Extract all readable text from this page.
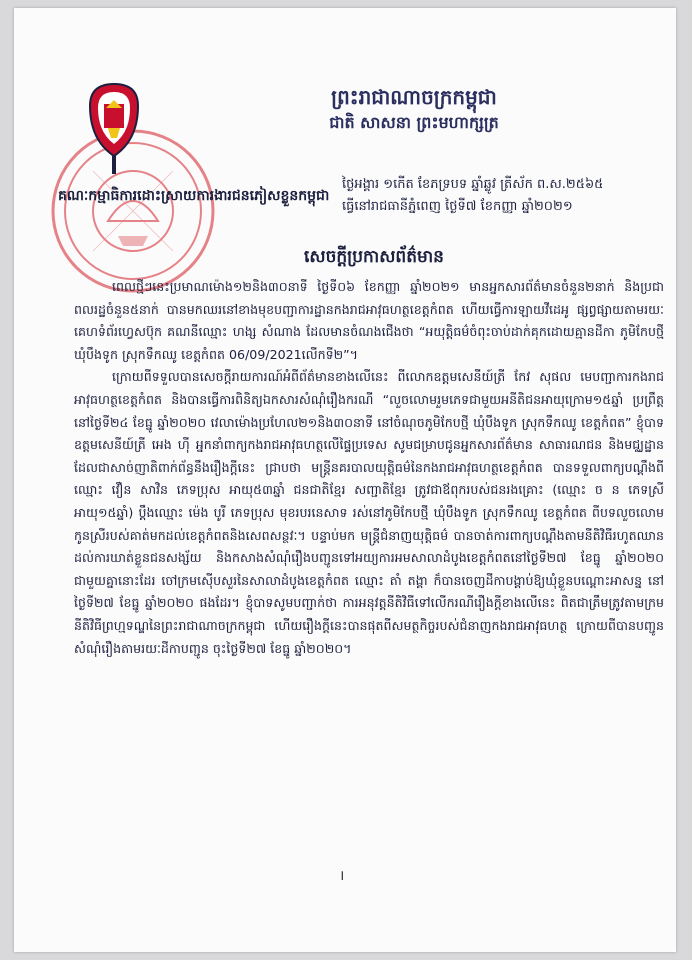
ព្រះរាជាណាចក្រកម្ពុជា
ជាតិ សាសនា ព្រះមហាក្សត្រ
គណៈកម្មាធិការដោះស្រាយការងារជនភៀសខ្លួនកម្ពុជា
ថ្ងៃអង្គារ ១កើត ខែភទ្របទ ឆ្នាំឆ្លូវ ត្រីស័ក ព.ស.២៥៦៥
ធ្វើនៅរាជធានីភ្នំពេញ ថ្ងៃទី៧ ខែកញ្ញា ឆ្នាំ២០២១
សេចក្ដីប្រកាសព័ត៌មាន

ពេលថ្មីៗនេះប្រមាណម៉ោង១២និង៣០នាទី ថ្ងៃទី០៦ ខែកញ្ញា ឆ្នាំ២០២១ មានអ្នកសារព័ត៌មានចំនួន២នាក់ និងប្រជាពលរដ្ឋចំនួន៥នាក់ បានមកឈរនៅខាងមុខបញ្ជាការដ្ឋានកងរាជអាវុធហត្ថខេត្តកំពត ហើយធ្វើការឡាយវីដេអូ ផ្សព្វផ្សាយតាមរយៈគេហទំព័រហ្វេសប៊ុក គណនីឈ្មោះ ហង្ស សំណាង ដែលមានចំណងជើងថា “អយុត្តិធម៌ចំពុះចាប់ដាក់គុកដោយគ្មានដីកា ភូមិកែបថ្មី ឃុំបឹងទូក ស្រុកទឹកឈូ ខេត្តកំពត 06/09/2021លើកទី២”។

ក្រោយពីទទួលបានសេចក្ដីរាយការណ៍អំពីព័ត៌មានខាងលើនេះ ពីលោកឧត្តមសេនីយ៍ត្រី កែវ សុផល មេបញ្ជាការកងរាជអាវុធហត្ថខេត្តកំពត និងបានធ្វើការពិនិត្យឯកសារសំណុំរឿងករណី “លួចលោមរួមភេទជាមួយអនីតិជនអាយុក្រោម១៥ឆ្នាំ ប្រព្រឹត្តនៅថ្ងៃទី២៤ ខែធ្នូ ឆ្នាំ២០២០ វេលាម៉ោងប្រហែល២១និង៣០នាទី នៅចំណុចភូមិកែបថ្មី ឃុំបឹងទូក ស្រុកទឹកឈូ ខេត្តកំពត” ខ្ញុំបាទឧត្តមសេនីយ៍ត្រី អេង ហ៊ី អ្នកនាំពាក្យកងរាជអាវុធហត្ថលើផ្ទៃប្រទេស សូមជម្រាបជូនអ្នកសារព័ត៌មាន សាធារណជន និងមជ្ឈដ្ឋានដែលជាសាច់ញាតិពាក់ព័ន្ធនឹងរឿងក្ដីនេះ ជ្រាបថា មន្ត្រីនគរបាលយុត្តិធម៌នៃកងរាជអាវុធហត្ថខេត្តកំពត បានទទួលពាក្យបណ្ដឹងពីឈ្មោះ វឿន សាវិន ភេទប្រុស អាយុ៥៣ឆ្នាំ ជនជាតិខ្មែរ សញ្ជាតិខ្មែរ ត្រូវជាឪពុករបស់ជនរងគ្រោះ (ឈ្មោះ ច ន ភេទស្រី អាយុ១៥ឆ្នាំ) ប្ដឹងឈ្មោះ ម៉េង បូរី ភេទប្រុស មុខរបរនេសាទ រស់នៅភូមិកែបថ្មី ឃុំបឹងទូក ស្រុកទឹកឈូ ខេត្តកំពត ពីបទលួចលោមកូនស្រីរបស់គាត់មកដល់ខេត្តកំពតនិងសេពសន្ថវៈ។ បន្ទាប់មក មន្ត្រីជំនាញយុត្តិធម៌ បានចាត់ការពាក្យបណ្ដឹងតាមនីតិវិធីរហូតឈានដល់ការឃាត់ខ្លួនជនសង្ស័យ និងកសាងសំណុំរឿងបញ្ជូនទៅអយ្យការអមសាលាដំបូងខេត្តកំពតនៅថ្ងៃទី២៧ ខែធ្នូ ឆ្នាំ២០២០ ជាមួយគ្នានោះដែរ ចៅក្រមស៊ើបសួរនៃសាលាដំបូងខេត្តកំពត ឈ្មោះ តាំ តង្គា ក៏បានចេញដីកាបង្គាប់ឱ្យឃុំខ្លួនបណ្ដោះអាសន្ន នៅថ្ងៃទី២៧ ខែធ្នូ ឆ្នាំ២០២០ ផងដែរ។ ខ្ញុំបាទសូមបញ្ជាក់ថា ការអនុវត្តនីតិវិធីទៅលើករណីរឿងក្ដីខាងលើនេះ ពិតជាត្រឹមត្រូវតាមក្រមនីតិវិធីព្រហ្មទណ្ឌនៃព្រះរាជាណាចក្រកម្ពុជា ហើយរឿងក្ដីនេះបានផុតពីសមត្ថកិច្ចរបស់ជំនាញកងរាជអាវុធហត្ថ ក្រោយពីបានបញ្ជូនសំណុំរឿងតាមរយៈដីកាបញ្ជូន ចុះថ្ងៃទី២៧ ខែធ្នូ ឆ្នាំ២០២០។

।
